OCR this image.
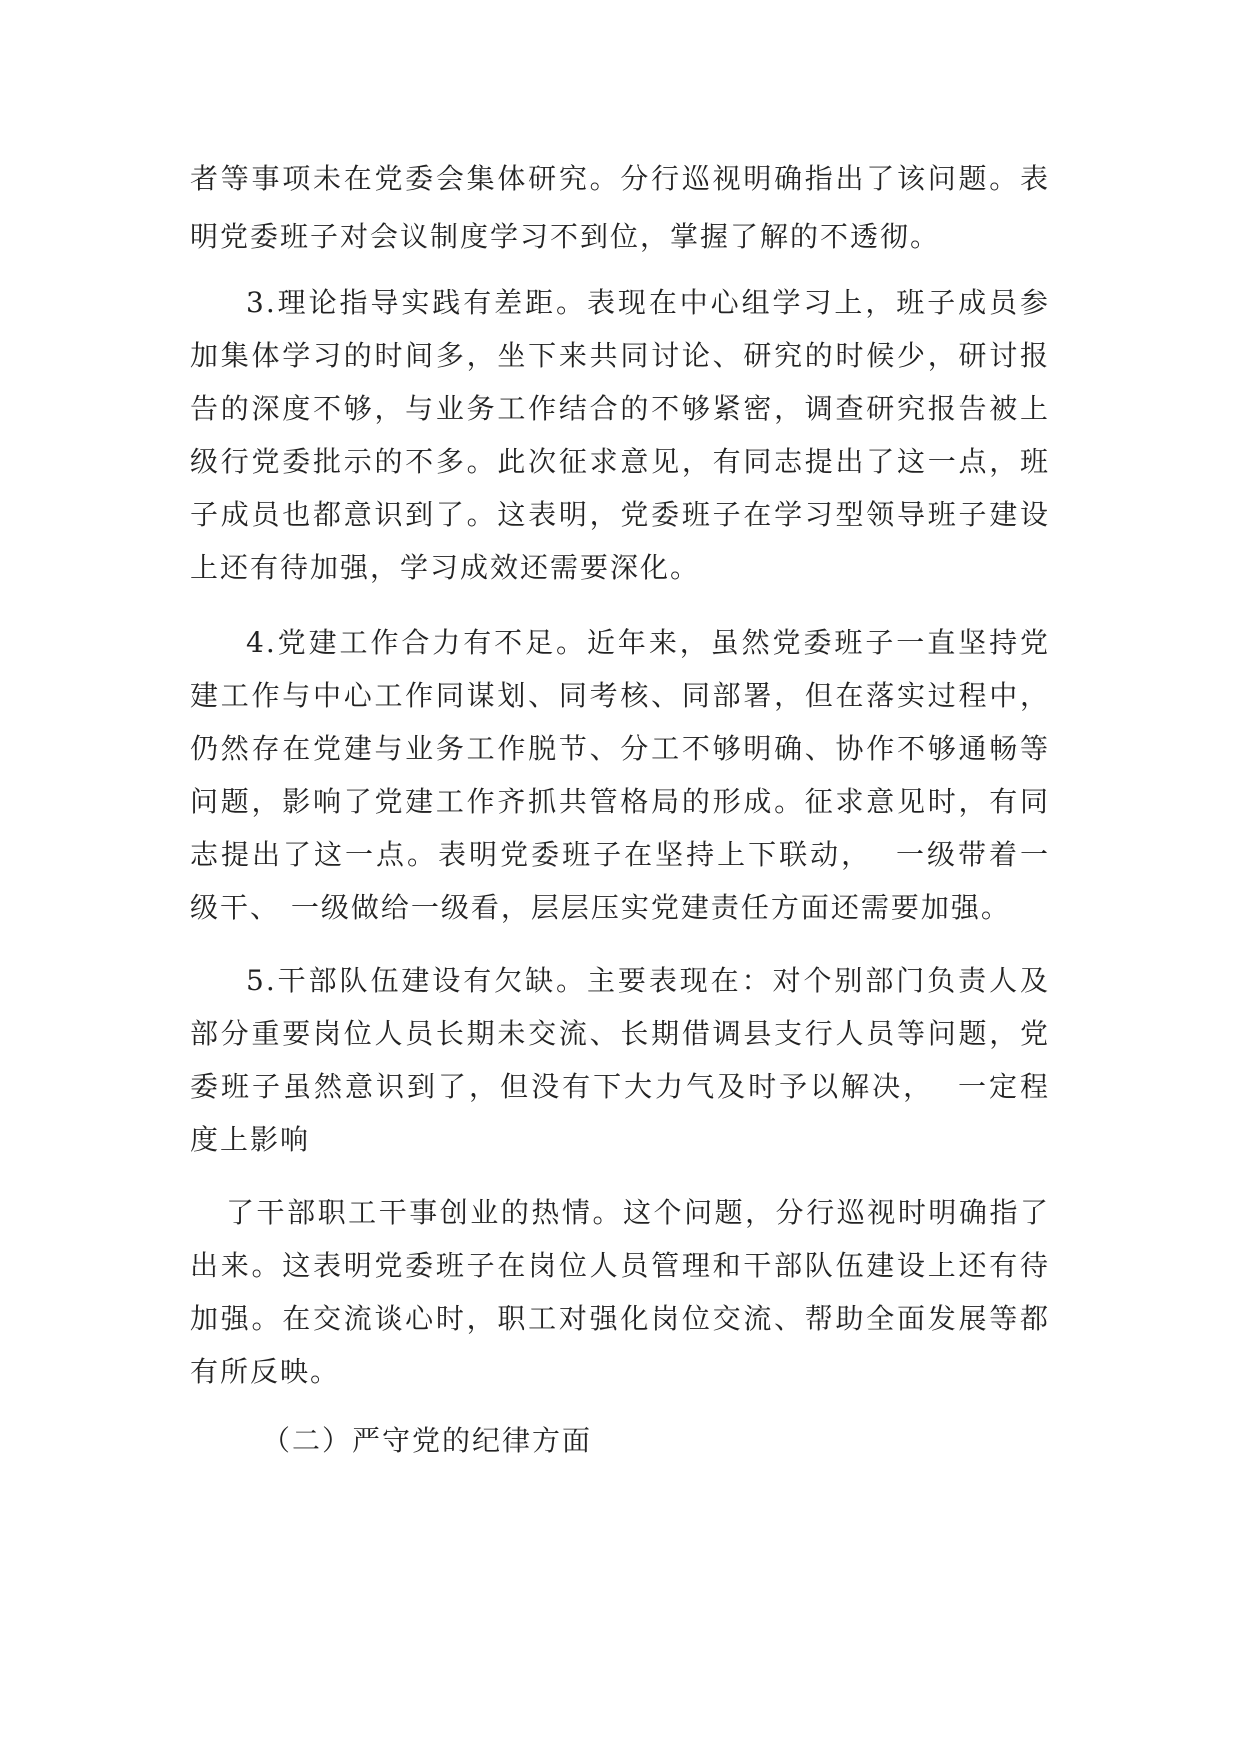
者等事项未在党委会集体研究。分行巡视明确指出了该问题。表明党委班子对会议制度学习不到位，掌握了解的不透彻。

3.理论指导实践有差距。表现在中心组学习上，班子成员参加集体学习的时间多，坐下来共同讨论、研究的时候少，研讨报告的深度不够，与业务工作结合的不够紧密，调查研究报告被上级行党委批示的不多。此次征求意见，有同志提出了这一点，班子成员也都意识到了。这表明，党委班子在学习型领导班子建设上还有待加强，学习成效还需要深化。

4.党建工作合力有不足。近年来，虽然党委班子一直坚持党建工作与中心工作同谋划、同考核、同部署，但在落实过程中，仍然存在党建与业务工作脱节、分工不够明确、协作不够通畅等问题，影响了党建工作齐抓共管格局的形成。征求意见时，有同志提出了这一点。表明党委班子在坚持上下联动，  一级带着一级干、 一级做给一级看，层层压实党建责任方面还需要加强。

5.干部队伍建设有欠缺。主要表现在：对个别部门负责人及部分重要岗位人员长期未交流、长期借调县支行人员等问题，党委班子虽然意识到了，但没有下大力气及时予以解决，  一定程度上影响

了干部职工干事创业的热情。这个问题，分行巡视时明确指了出来。这表明党委班子在岗位人员管理和干部队伍建设上还有待加强。在交流谈心时，职工对强化岗位交流、帮助全面发展等都有所反映。

（二）严守党的纪律方面
